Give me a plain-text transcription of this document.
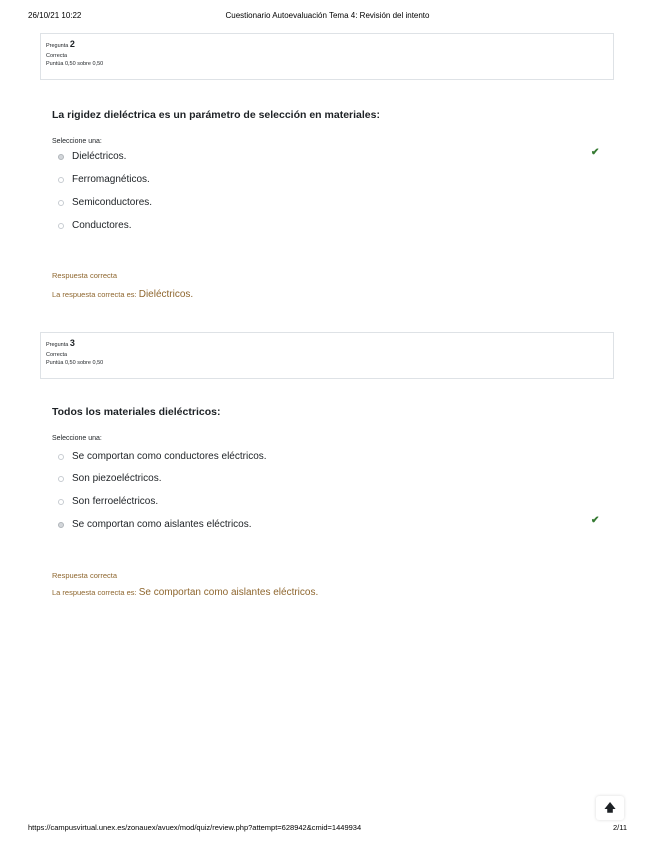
26/10/21 10:22	Cuestionario Autoevaluación Tema 4: Revisión del intento
Pregunta 2
Correcta
Puntúa 0,50 sobre 0,50
La rigidez dieléctrica es un parámetro de selección en materiales:
Seleccione una:
Dieléctricos.	✔
Ferromagnéticos.
Semiconductores.
Conductores.
Respuesta correcta
La respuesta correcta es: Dieléctricos.
Pregunta 3
Correcta
Puntúa 0,50 sobre 0,50
Todos los materiales dieléctricos:
Seleccione una:
Se comportan como conductores eléctricos.
Son piezoeléctricos.
Son ferroeléctricos.
Se comportan como aislantes eléctricos.	✔
Respuesta correcta
La respuesta correcta es: Se comportan como aislantes eléctricos.
🡅
https://campusvirtual.unex.es/zonauex/avuex/mod/quiz/review.php?attempt=628942&cmid=1449934	2/11
